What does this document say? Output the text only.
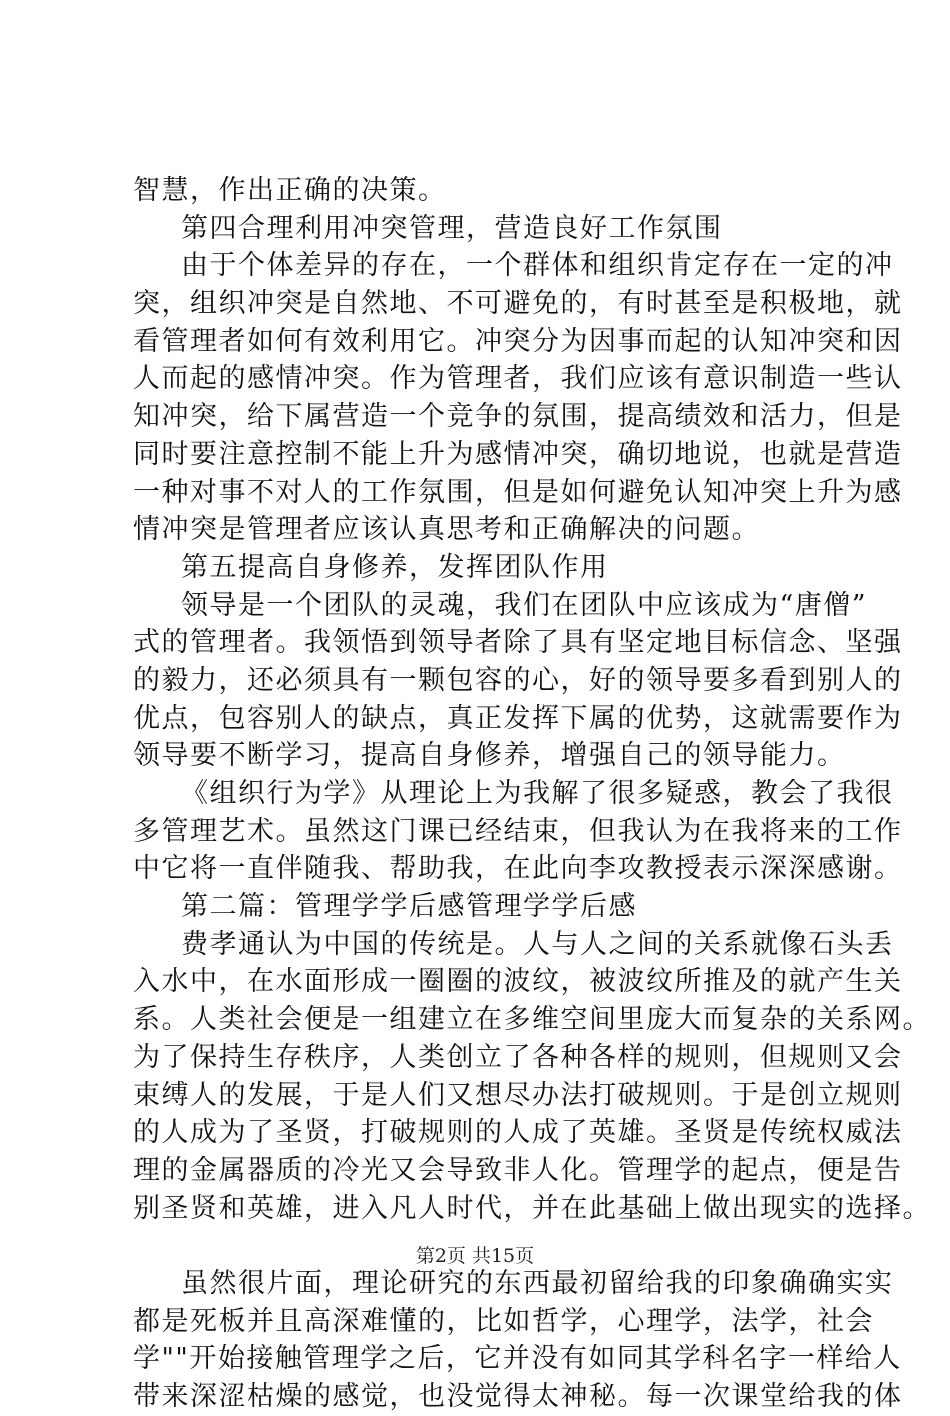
智慧，作出正确的决策。
第四合理利用冲突管理，营造良好工作氛围
由于个体差异的存在，一个群体和组织肯定存在一定的冲
突，组织冲突是自然地、不可避免的，有时甚至是积极地，就
看管理者如何有效利用它。冲突分为因事而起的认知冲突和因
人而起的感情冲突。作为管理者，我们应该有意识制造一些认
知冲突，给下属营造一个竞争的氛围，提高绩效和活力，但是
同时要注意控制不能上升为感情冲突，确切地说，也就是营造
一种对事不对人的工作氛围，但是如何避免认知冲突上升为感
情冲突是管理者应该认真思考和正确解决的问题。
第五提高自身修养，发挥团队作用
领导是一个团队的灵魂，我们在团队中应该成为“唐僧”
式的管理者。我领悟到领导者除了具有坚定地目标信念、坚强
的毅力，还必须具有一颗包容的心，好的领导要多看到别人的
优点，包容别人的缺点，真正发挥下属的优势，这就需要作为
领导要不断学习，提高自身修养，增强自己的领导能力。
《组织行为学》从理论上为我解了很多疑惑，教会了我很
多管理艺术。虽然这门课已经结束，但我认为在我将来的工作
中它将一直伴随我、帮助我，在此向李攻教授表示深深感谢。
第二篇：管理学学后感管理学学后感
费孝通认为中国的传统是。人与人之间的关系就像石头丢
入水中，在水面形成一圈圈的波纹，被波纹所推及的就产生关
系。人类社会便是一组建立在多维空间里庞大而复杂的关系网。
为了保持生存秩序，人类创立了各种各样的规则，但规则又会
束缚人的发展，于是人们又想尽办法打破规则。于是创立规则
的人成为了圣贤，打破规则的人成了英雄。圣贤是传统权威法
理的金属器质的冷光又会导致非人化。管理学的起点，便是告
别圣贤和英雄，进入凡人时代，并在此基础上做出现实的选择。
虽然很片面，理论研究的东西最初留给我的印象确确实实
都是死板并且高深难懂的，比如哲学，心理学，法学，社会
学""开始接触管理学之后，它并没有如同其学科名字一样给人
带来深涩枯燥的感觉，也没觉得太神秘。每一次课堂给我的体
第2页 共15页
